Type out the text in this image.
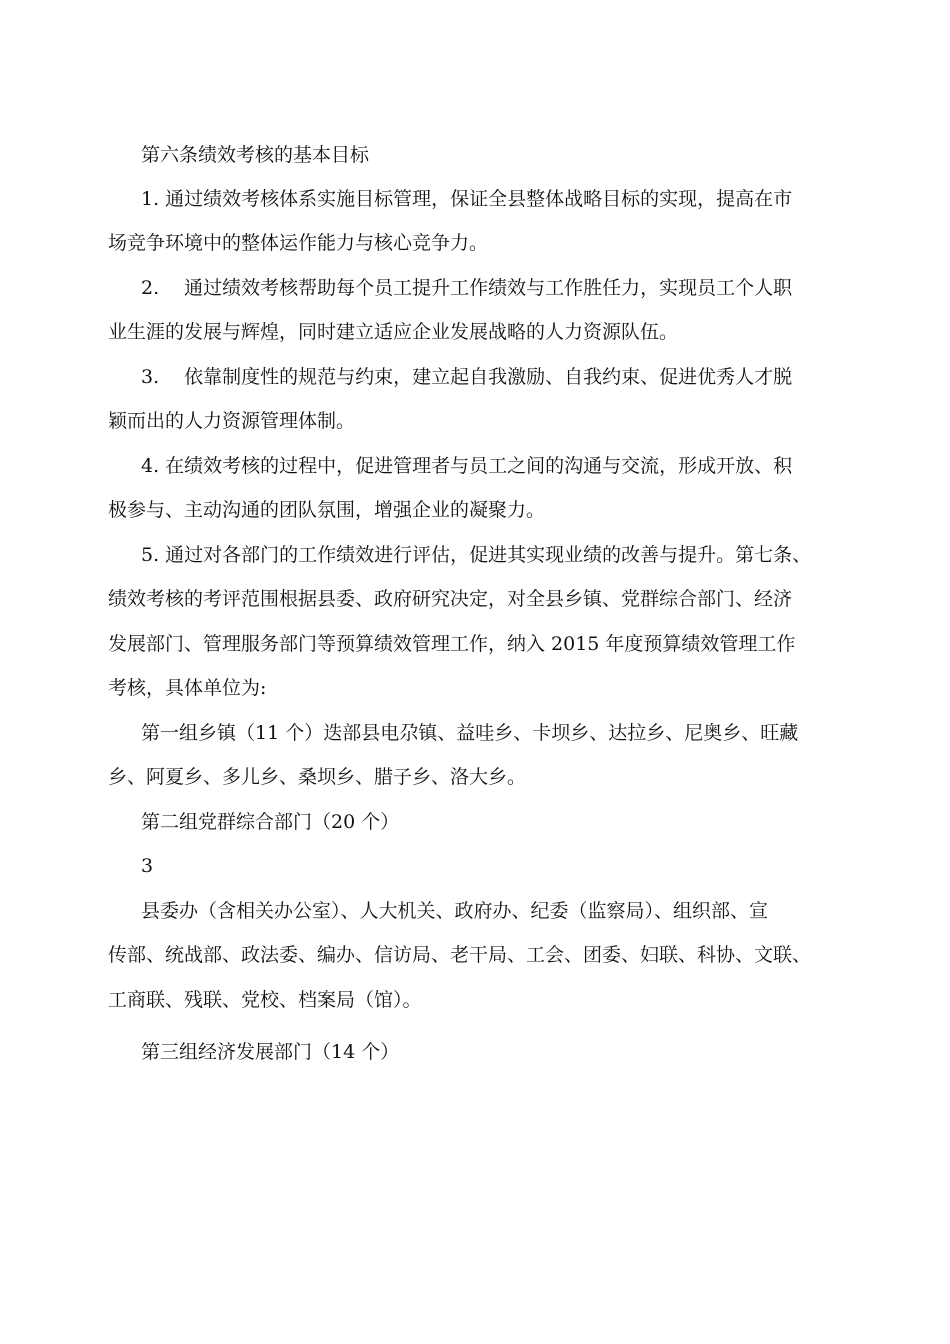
第六条绩效考核的基本目标

1. 通过绩效考核体系实施目标管理，保证全县整体战略目标的实现，提高在市

场竞争环境中的整体运作能力与核心竞争力。

2.　 通过绩效考核帮助每个员工提升工作绩效与工作胜任力，实现员工个人职

业生涯的发展与辉煌，同时建立适应企业发展战略的人力资源队伍。

3.　 依靠制度性的规范与约束，建立起自我激励、自我约束、促进优秀人才脱

颖而出的人力资源管理体制。

4. 在绩效考核的过程中，促进管理者与员工之间的沟通与交流，形成开放、积

极参与、主动沟通的团队氛围，增强企业的凝聚力。

5. 通过对各部门的工作绩效进行评估，促进其实现业绩的改善与提升。第七条、

绩效考核的考评范围根据县委、政府研究决定，对全县乡镇、党群综合部门、经济

发展部门、管理服务部门等预算绩效管理工作，纳入 2015 年度预算绩效管理工作

考核，具体单位为:

第一组乡镇（11 个）迭部县电尕镇、益哇乡、卡坝乡、达拉乡、尼奥乡、旺藏

乡、阿夏乡、多儿乡、桑坝乡、腊子乡、洛大乡。

第二组党群综合部门（20 个）

3

县委办（含相关办公室）、人大机关、政府办、纪委（监察局）、组织部、宣

传部、统战部、政法委、编办、信访局、老干局、工会、团委、妇联、科协、文联、

工商联、残联、党校、档案局（馆）。

第三组经济发展部门（14 个）
